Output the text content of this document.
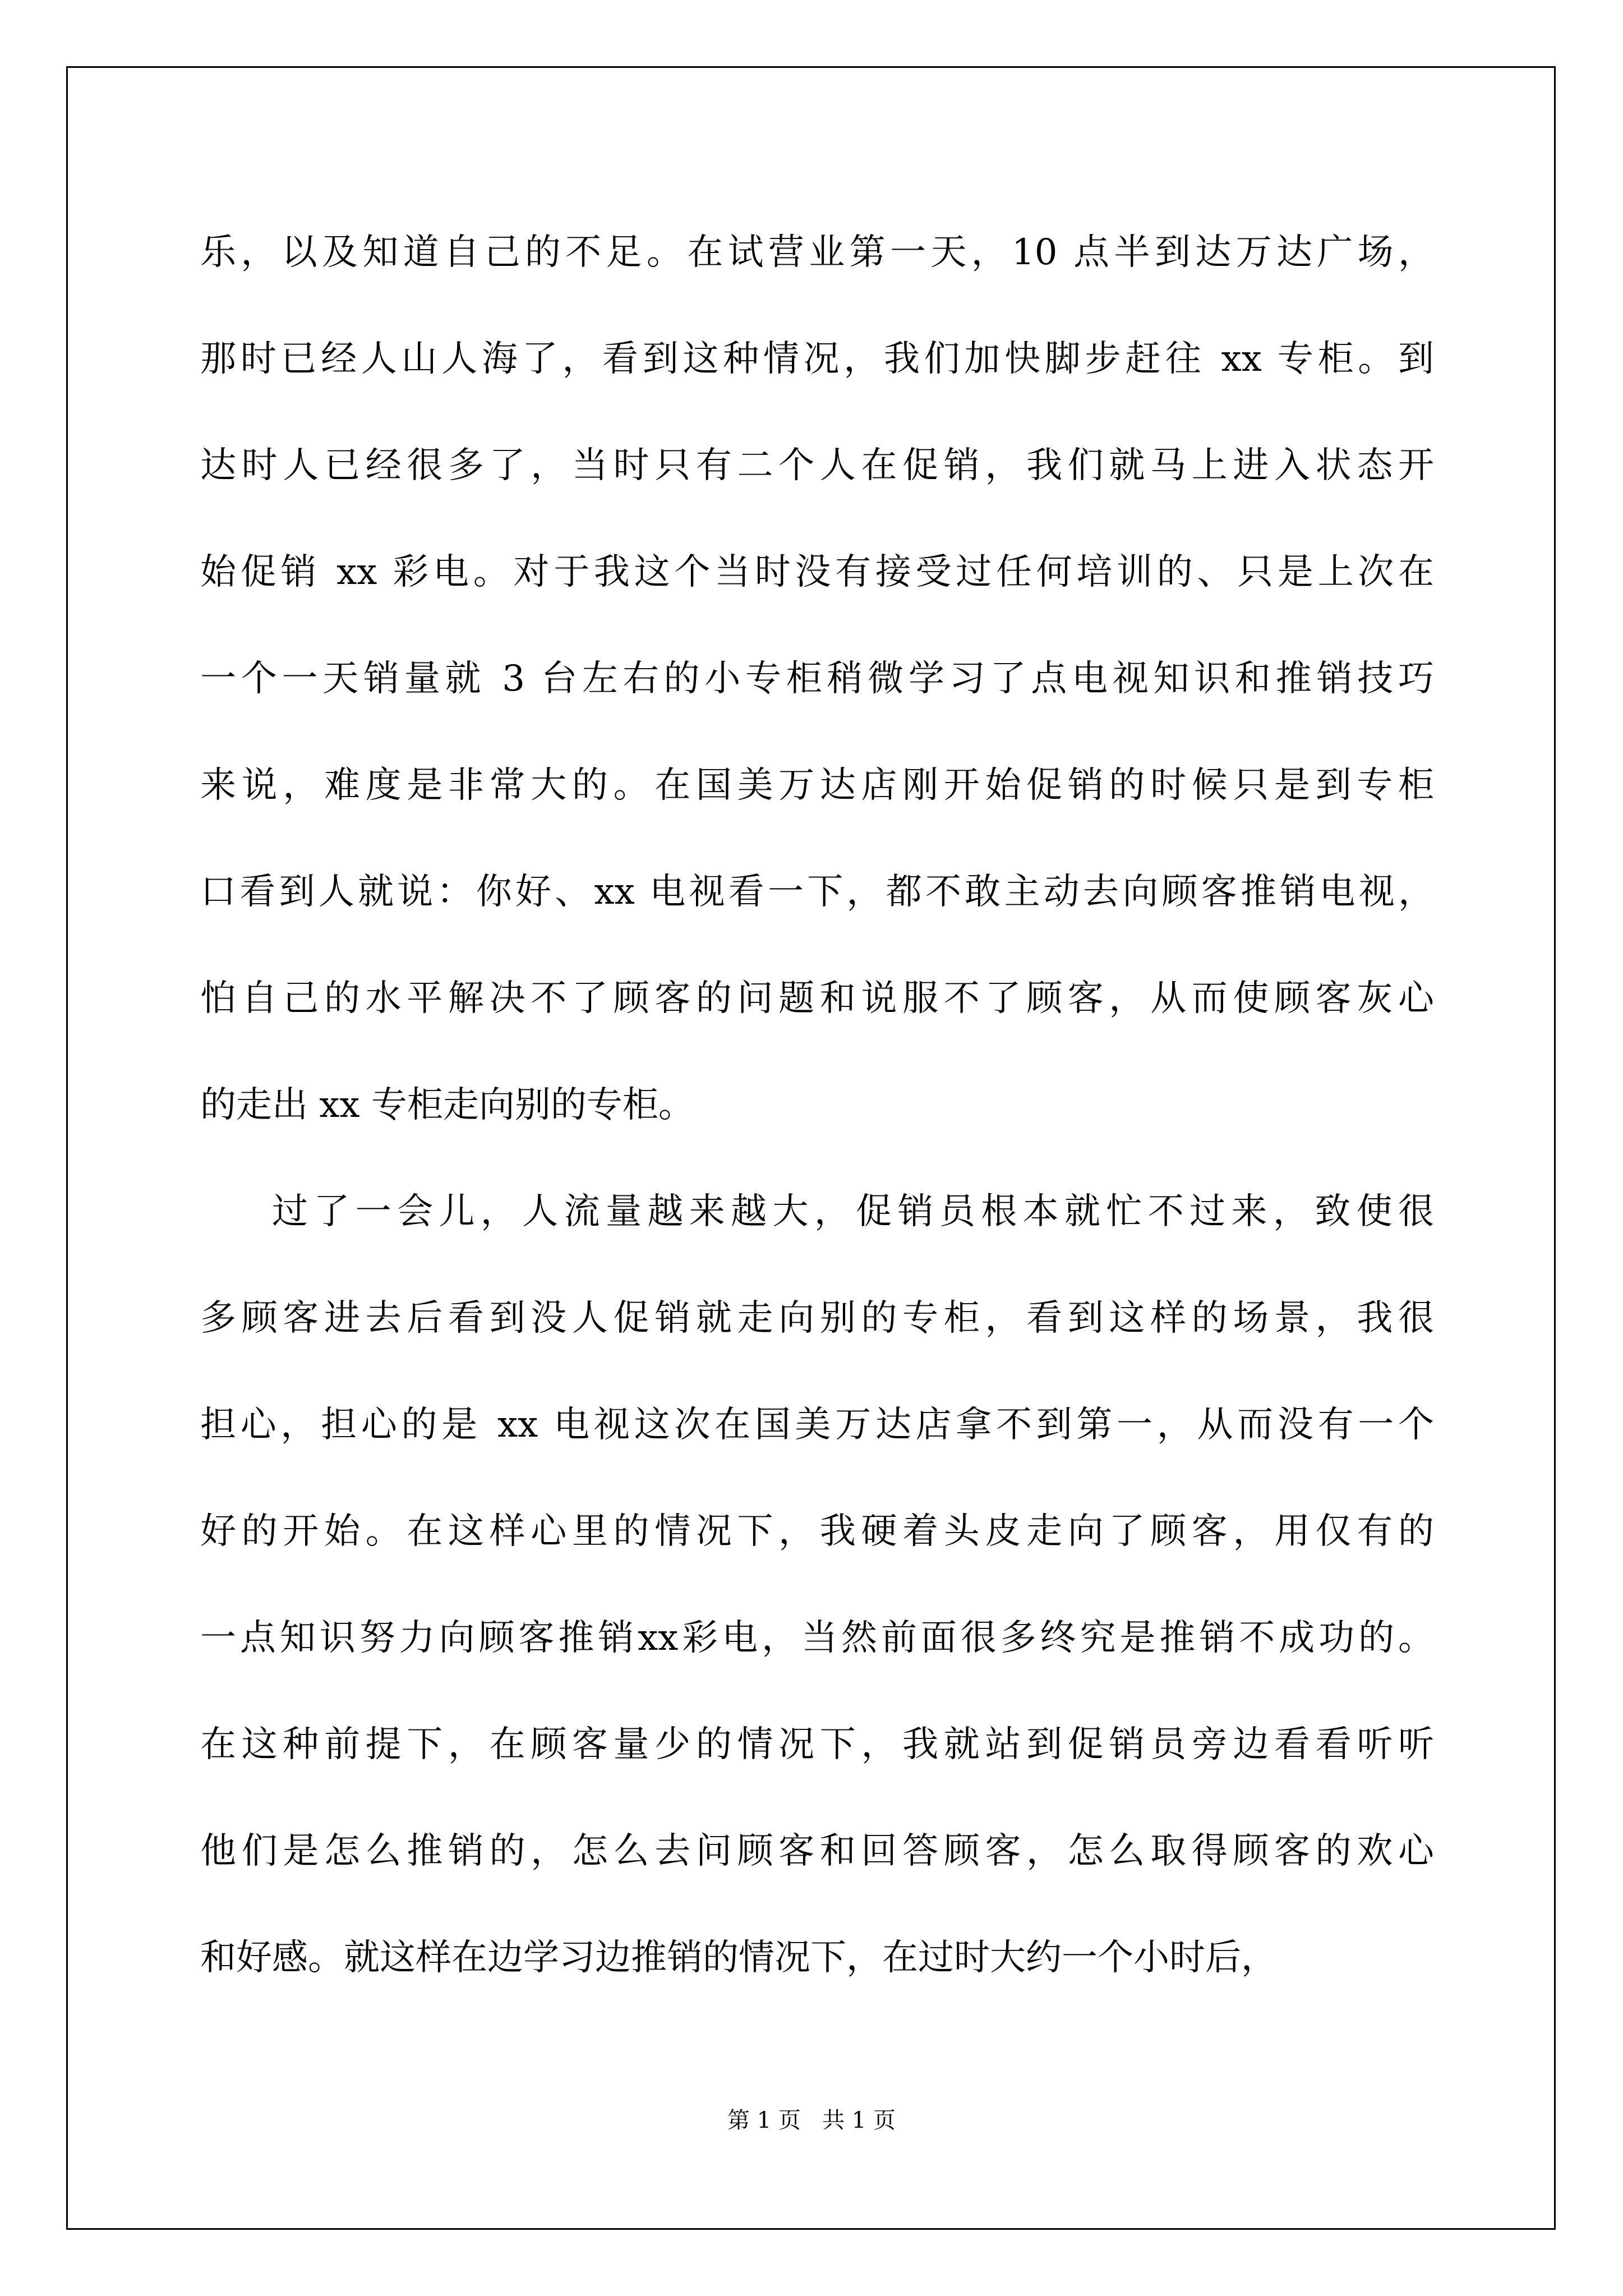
乐，以及知道自己的不足。在试营业第一天，10 点半到达万达广场，
那时已经人山人海了，看到这种情况，我们加快脚步赶往 xx 专柜。到
达时人已经很多了，当时只有二个人在促销，我们就马上进入状态开
始促销 xx 彩电。对于我这个当时没有接受过任何培训的、只是上次在
一个一天销量就 3 台左右的小专柜稍微学习了点电视知识和推销技巧
来说，难度是非常大的。在国美万达店刚开始促销的时候只是到专柜
口看到人就说：你好、xx 电视看一下，都不敢主动去向顾客推销电视，
怕自己的水平解决不了顾客的问题和说服不了顾客，从而使顾客灰心
的走出 xx 专柜走向别的专柜。
过了一会儿，人流量越来越大，促销员根本就忙不过来，致使很
多顾客进去后看到没人促销就走向别的专柜，看到这样的场景，我很
担心，担心的是 xx 电视这次在国美万达店拿不到第一，从而没有一个
好的开始。在这样心里的情况下，我硬着头皮走向了顾客，用仅有的
一点知识努力向顾客推销xx彩电，当然前面很多终究是推销不成功的。
在这种前提下，在顾客量少的情况下，我就站到促销员旁边看看听听
他们是怎么推销的，怎么去问顾客和回答顾客，怎么取得顾客的欢心
和好感。就这样在边学习边推销的情况下，在过时大约一个小时后，
第 1 页 共 1 页
